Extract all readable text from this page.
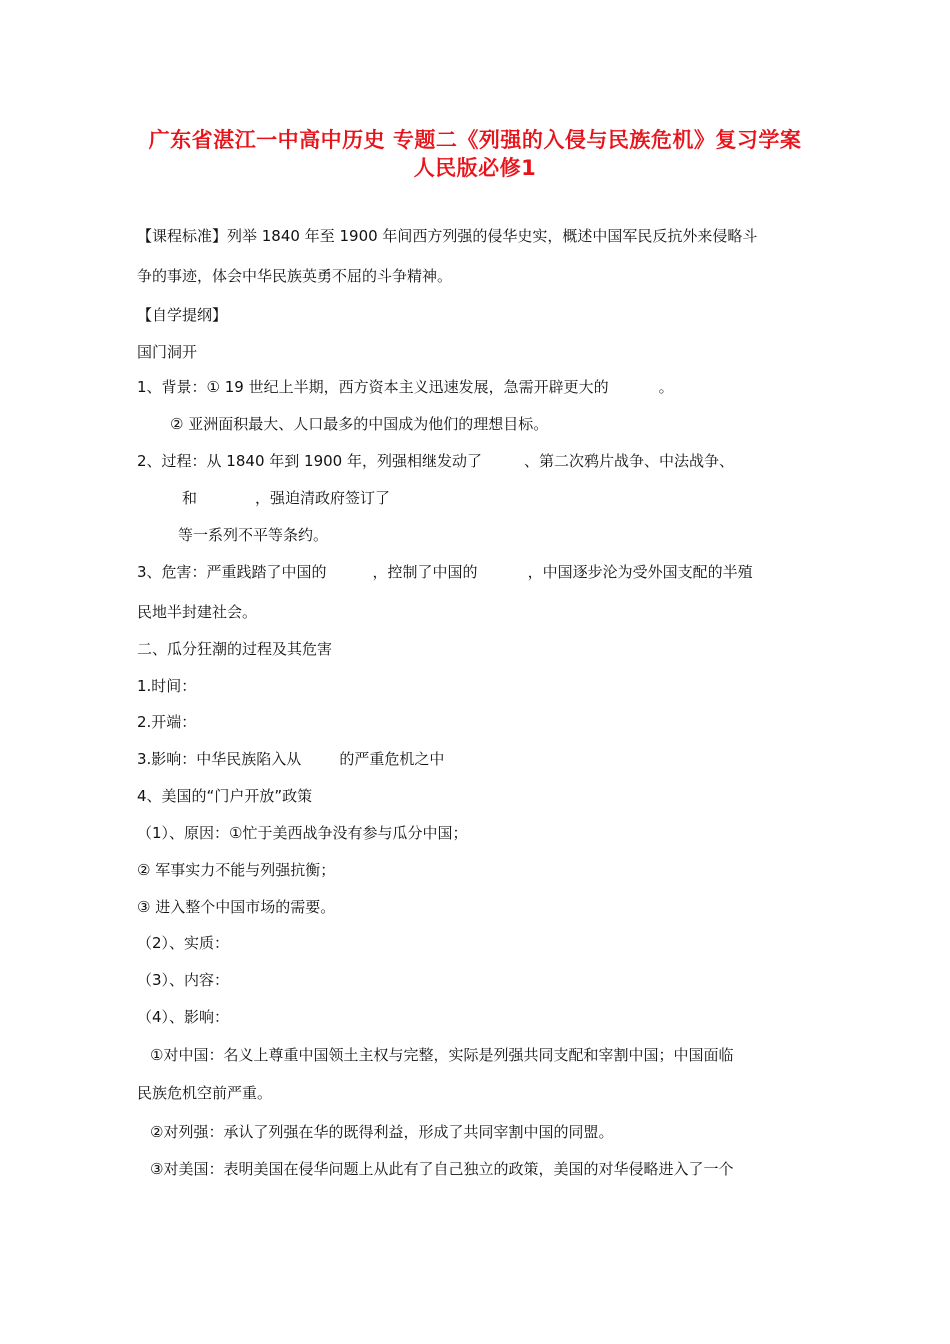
广东省湛江一中高中历史 专题二《列强的入侵与民族危机》复习学案
人民版必修1
【课程标准】列举 1840 年至 1900 年间西方列强的侵华史实，概述中国军民反抗外来侵略斗
争的事迹，体会中华民族英勇不屈的斗争精神。
【自学提纲】
国门洞开
1、背景：① 19 世纪上半期，西方资本主义迅速发展，急需开辟更大的	。
② 亚洲面积最大、人口最多的中国成为他们的理想目标。
2、过程：从 1840 年到 1900 年，列强相继发动了	、第二次鸦片战争、中法战争、
和	，强迫清政府签订了
等一系列不平等条约。
3、危害：严重践踏了中国的	，控制了中国的	，中国逐步沦为受外国支配的半殖
民地半封建社会。
二、瓜分狂潮的过程及其危害
1.时间：
2.开端：
3.影响：中华民族陷入从	的严重危机之中
4、美国的“门户开放”政策
（1）、原因：①忙于美西战争没有参与瓜分中国；
② 军事实力不能与列强抗衡；
③ 进入整个中国市场的需要。
（2）、实质：
（3）、内容：
（4）、影响：
①对中国：名义上尊重中国领土主权与完整，实际是列强共同支配和宰割中国；中国面临
民族危机空前严重。
②对列强：承认了列强在华的既得利益，形成了共同宰割中国的同盟。
③对美国：表明美国在侵华问题上从此有了自己独立的政策，美国的对华侵略进入了一个
